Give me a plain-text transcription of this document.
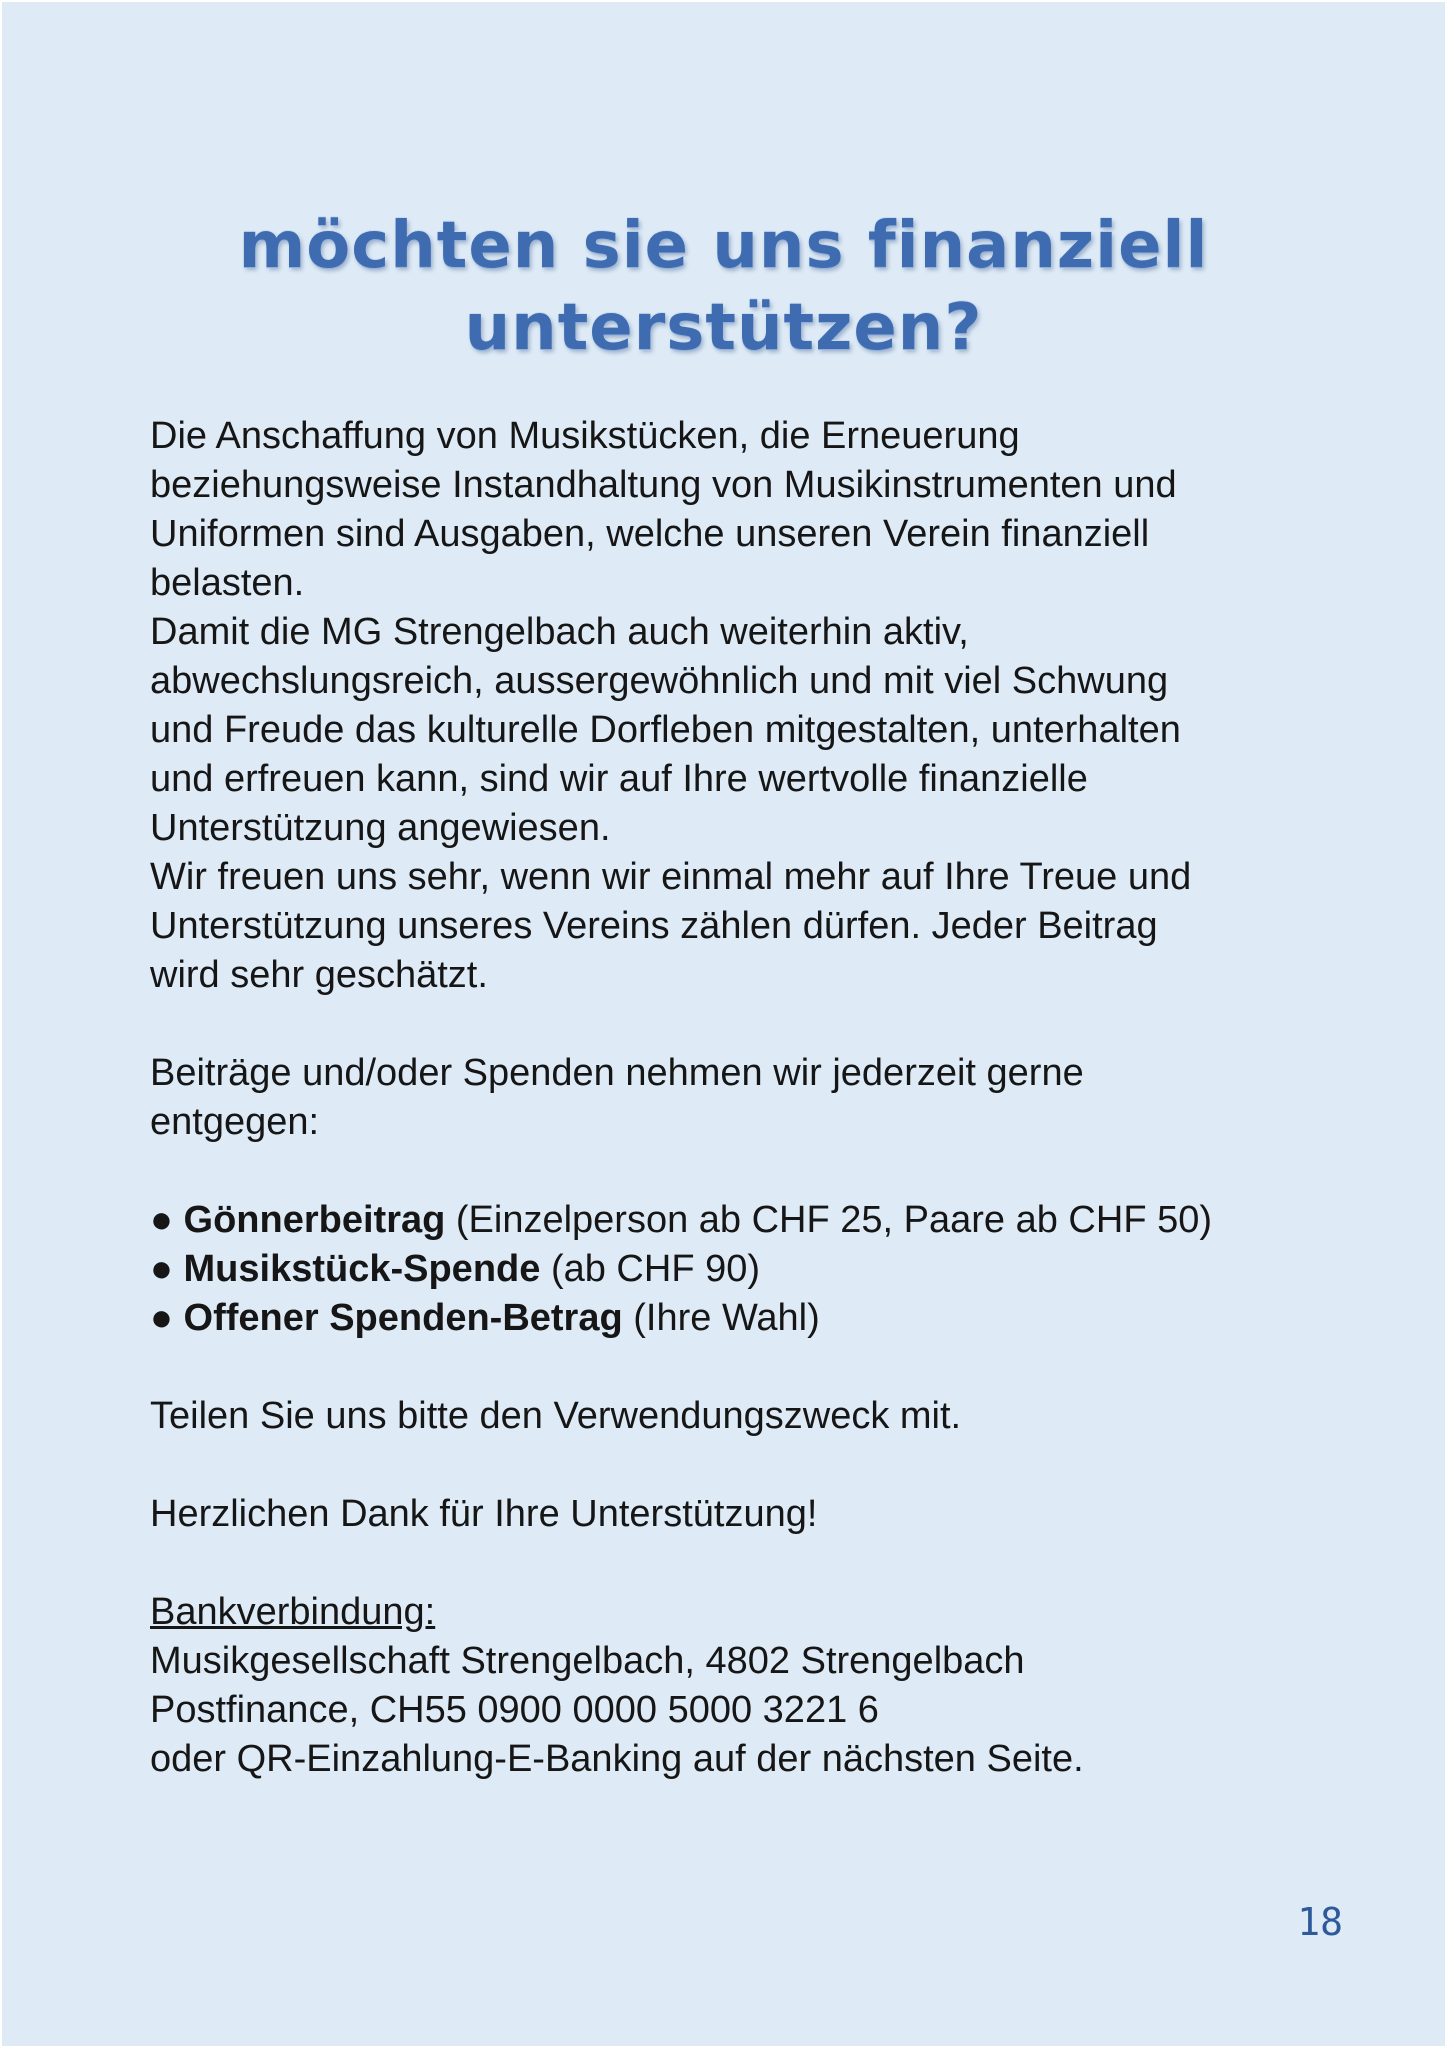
möchten sie uns finanziell
unterstützen?

Die Anschaffung von Musikstücken, die Erneuerung

beziehungsweise Instandhaltung von Musikinstrumenten und

Uniformen sind Ausgaben, welche unseren Verein finanziell

belasten.

Damit die MG Strengelbach auch weiterhin aktiv,

abwechslungsreich, aussergewöhnlich und mit viel Schwung

und Freude das kulturelle Dorfleben mitgestalten, unterhalten

und erfreuen kann, sind wir auf Ihre wertvolle finanzielle

Unterstützung angewiesen.

Wir freuen uns sehr, wenn wir einmal mehr auf Ihre Treue und

Unterstützung unseres Vereins zählen dürfen. Jeder Beitrag

wird sehr geschätzt.

Beiträge und/oder Spenden nehmen wir jederzeit gerne

entgegen:

● Gönnerbeitrag (Einzelperson ab CHF 25, Paare ab CHF 50)
● Musikstück-Spende (ab CHF 90)
● Offener Spenden-Betrag (Ihre Wahl)

Teilen Sie uns bitte den Verwendungszweck mit.

Herzlichen Dank für Ihre Unterstützung!

Bankverbindung:

Musikgesellschaft Strengelbach, 4802 Strengelbach

Postfinance, CH55 0900 0000 5000 3221 6

oder QR-Einzahlung-E-Banking auf der nächsten Seite.

18
